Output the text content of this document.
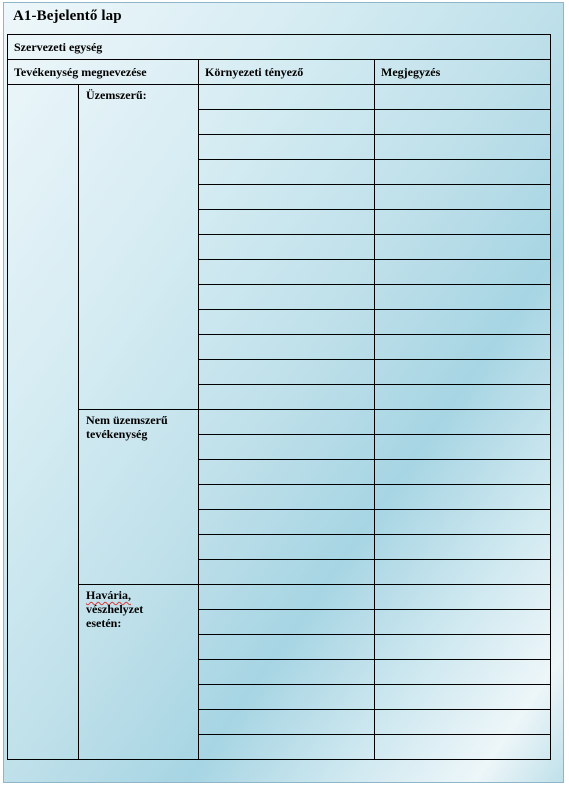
A1-Bejelentő lap
Szervezeti egység			
Tevékenység megnevezése		Környezeti tényező	Megjegyzés
	Üzemszerű:		

	Nem üzemszerű
tevékenység		

	Havária,
vészhelyzet
esetén:		
